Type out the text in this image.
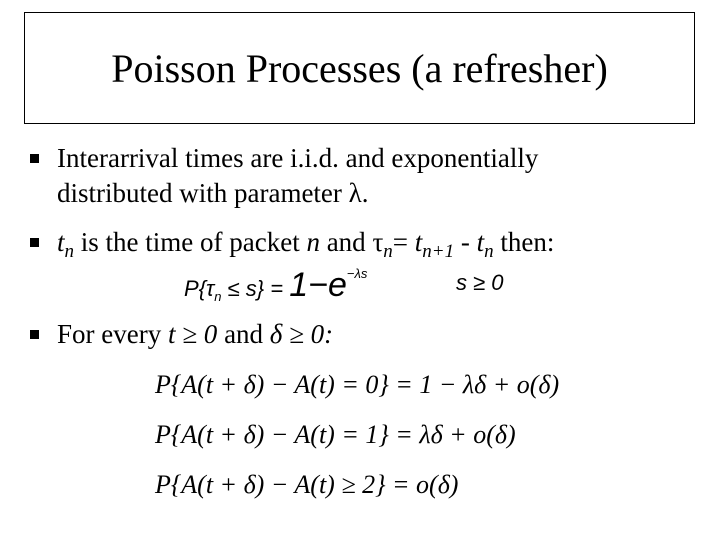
Poisson Processes (a refresher)
Interarrival times are i.i.d. and exponentially
distributed with parameter λ.
$t_n$ is the time of packet n and $\tau_n= t_{n+1} - t_n$ then:
$P\{\tau_n \le s\} = 1-e^{-\lambda s}$	s ≥ 0
For every t ≥ 0 and δ ≥ 0:
P{A(t + δ) − A(t) = 0} = 1 − λδ + o(δ)
P{A(t + δ) − A(t) = 1} = λδ + o(δ)
P{A(t + δ) − A(t) ≥ 2} = o(δ)
